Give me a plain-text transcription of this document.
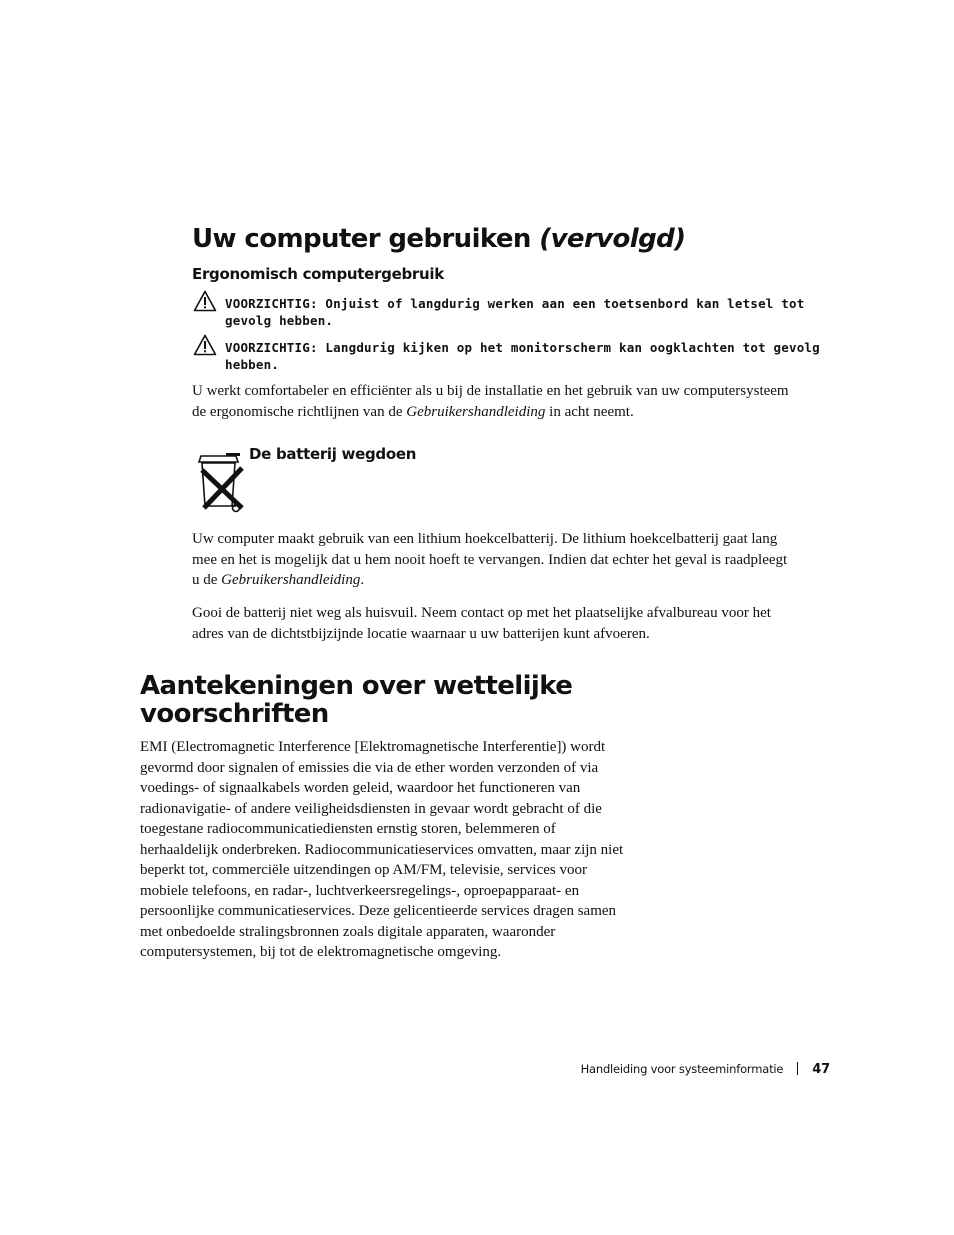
Uw computer gebruiken (vervolgd)
Ergonomisch computergebruik
VOORZICHTIG: Onjuist of langdurig werken aan een toetsenbord kan letsel tot
gevolg hebben.
VOORZICHTIG: Langdurig kijken op het monitorscherm kan oogklachten tot gevolg
hebben.

U werkt comfortabeler en efficiënter als u bij de installatie en het gebruik van uw computersysteem de ergonomische richtlijnen van de Gebruikershandleiding in acht neemt.

De batterij wegdoen

Uw computer maakt gebruik van een lithium hoekcelbatterij. De lithium hoekcelbatterij gaat lang mee en het is mogelijk dat u hem nooit hoeft te vervangen. Indien dat echter het geval is raadpleegt u de Gebruikershandleiding.

Gooi de batterij niet weg als huisvuil. Neem contact op met het plaatselijke afvalbureau voor het adres van de dichtstbijzijnde locatie waarnaar u uw batterijen kunt afvoeren.

Aantekeningen over wettelijke
voorschriften

EMI (Electromagnetic Interference [Elektromagnetische Interferentie]) wordt gevormd door signalen of emissies die via de ether worden verzonden of via voedings- of signaalkabels worden geleid, waardoor het functioneren van radionavigatie- of andere veiligheidsdiensten in gevaar wordt gebracht of die toegestane radiocommunicatiediensten ernstig storen, belemmeren of herhaaldelijk onderbreken. Radiocommunicatieservices omvatten, maar zijn niet beperkt tot, commerciële uitzendingen op AM/FM, televisie, services voor mobiele telefoons, en radar-, luchtverkeersregelings-, oproepapparaat- en persoonlijke communicatieservices. Deze gelicentieerde services dragen samen met onbedoelde stralingsbronnen zoals digitale apparaten, waaronder computersystemen, bij tot de elektromagnetische omgeving.

Handleiding voor systeeminformatie 47
